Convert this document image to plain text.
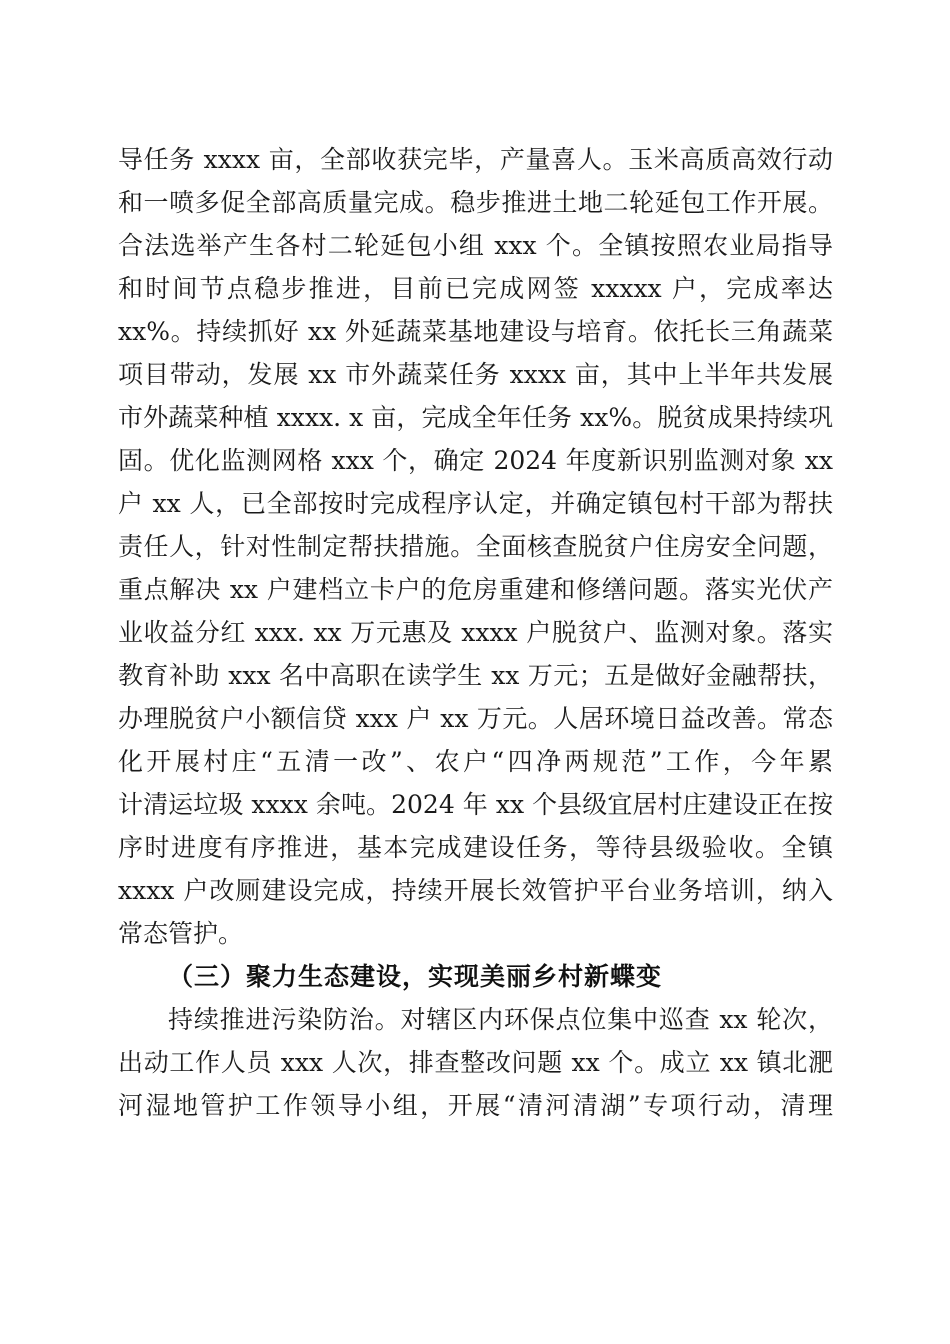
导任务 xxxx 亩，全部收获完毕，产量喜人。玉米高质高效行动
和一喷多促全部高质量完成。稳步推进土地二轮延包工作开展。
合法选举产生各村二轮延包小组 xxx 个。全镇按照农业局指导
和时间节点稳步推进，目前已完成网签 xxxxx 户，完成率达
xx%。持续抓好 xx 外延蔬菜基地建设与培育。依托长三角蔬菜
项目带动，发展 xx 市外蔬菜任务 xxxx 亩，其中上半年共发展
市外蔬菜种植 xxxx. x 亩，完成全年任务 xx%。脱贫成果持续巩
固。优化监测网格 xxx 个，确定 2024 年度新识别监测对象 xx
户 xx 人，已全部按时完成程序认定，并确定镇包村干部为帮扶
责任人，针对性制定帮扶措施。全面核查脱贫户住房安全问题，
重点解决 xx 户建档立卡户的危房重建和修缮问题。落实光伏产
业收益分红 xxx. xx 万元惠及 xxxx 户脱贫户、监测对象。落实
教育补助 xxx 名中高职在读学生 xx 万元；五是做好金融帮扶，
办理脱贫户小额信贷 xxx 户 xx 万元。人居环境日益改善。常态
化开展村庄“五清一改”、农户“四净两规范”工作，今年累
计清运垃圾 xxxx 余吨。2024 年 xx 个县级宜居村庄建设正在按
序时进度有序推进，基本完成建设任务，等待县级验收。全镇
xxxx 户改厕建设完成，持续开展长效管护平台业务培训，纳入
常态管护。
（三）聚力生态建设，实现美丽乡村新蝶变
持续推进污染防治。对辖区内环保点位集中巡查 xx 轮次，
出动工作人员 xxx 人次，排查整改问题 xx 个。成立 xx 镇北淝
河湿地管护工作领导小组，开展“清河清湖”专项行动，清理
